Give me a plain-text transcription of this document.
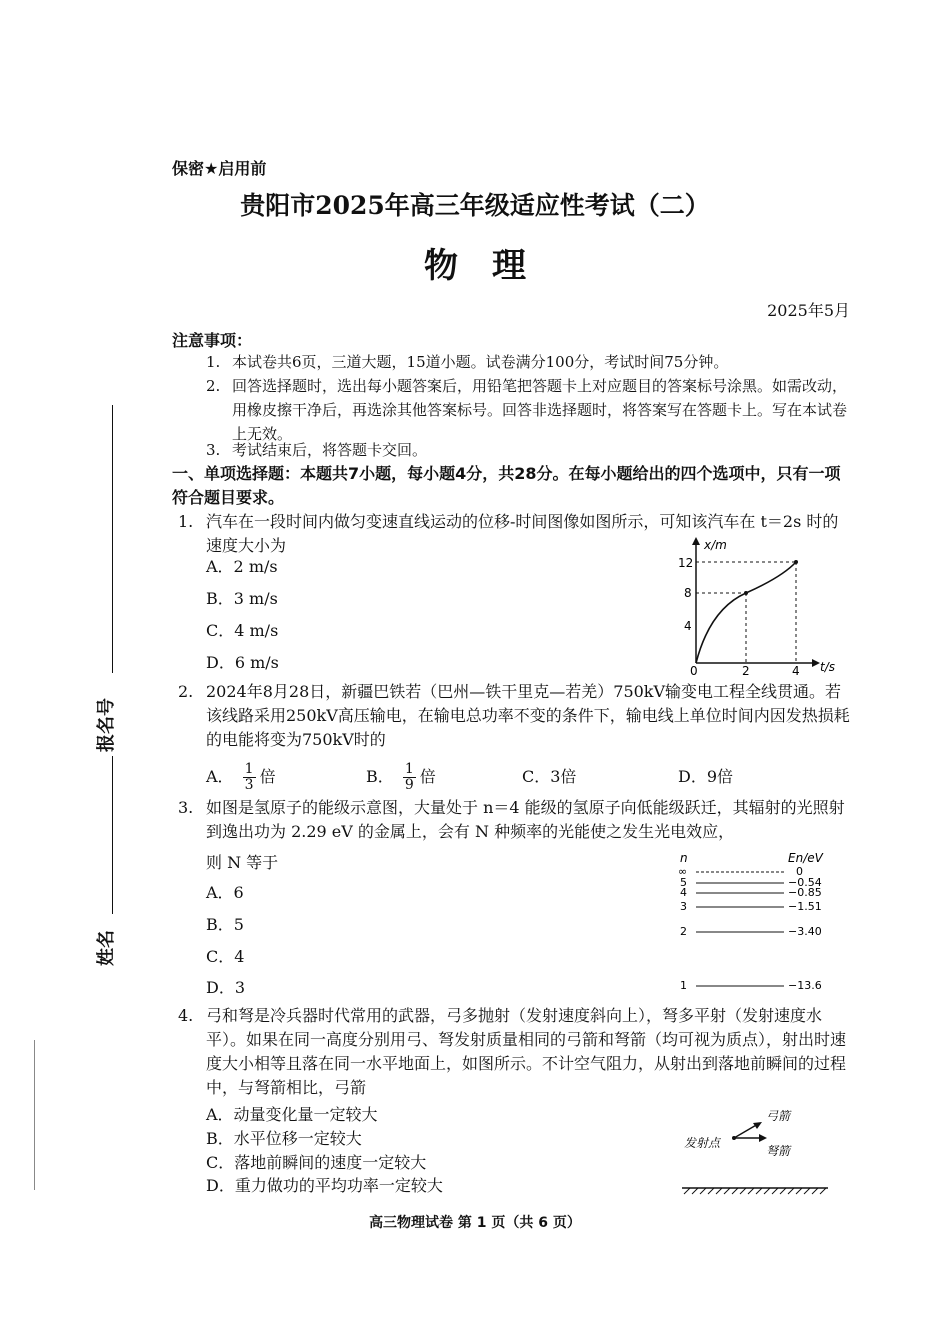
保密★启用前
贵阳市2025年高三年级适应性考试（二）
物理
2025年5月
注意事项：
1. 本试卷共6页，三道大题，15道小题。试卷满分100分，考试时间75分钟。
2. 回答选择题时，选出每小题答案后，用铅笔把答题卡上对应题目的答案标号涂黑。如需改动，用橡皮擦干净后，再选涂其他答案标号。回答非选择题时，将答案写在答题卡上。写在本试卷上无效。
3. 考试结束后，将答题卡交回。
一、单项选择题：本题共7小题，每小题4分，共28分。在每小题给出的四个选项中，只有一项符合题目要求。
1. 汽车在一段时间内做匀变速直线运动的位移-时间图像如图所示，可知该汽车在 t＝2s 时的速度大小为
A．2 m/s
B．3 m/s
C．4 m/s
D．6 m/s
x/m
t/s
0
12
8
4
2	4
2. 2024年8月28日，新疆巴铁若（巴州—铁干里克—若羌）750kV输变电工程全线贯通。若该线路采用250kV高压输电，在输电总功率不变的条件下，输电线上单位时间内因发热损耗的电能将变为750kV时的
A． $\frac{1}{3}$ 倍	B． $\frac{1}{9}$ 倍	C．3倍	D．9倍
3. 如图是氢原子的能级示意图，大量处于 n＝4 能级的氢原子向低能级跃迁，其辐射的光照射到逸出功为 2.29 eV 的金属上，会有 N 种频率的光能使之发生光电效应，
则 N 等于
A．6
B．5
C．4
D．3
n	En/eV
∞	0
5	−0.54
4	−0.85
3	−1.51
2	−3.40
1	−13.6
4. 弓和弩是冷兵器时代常用的武器，弓多抛射（发射速度斜向上），弩多平射（发射速度水平）。如果在同一高度分别用弓、弩发射质量相同的弓箭和弩箭（均可视为质点），射出时速度大小相等且落在同一水平地面上，如图所示。不计空气阻力，从射出到落地前瞬间的过程中，与弩箭相比，弓箭
A．动量变化量一定较大
B．水平位移一定较大
C．落地前瞬间的速度一定较大
D．重力做功的平均功率一定较大
发射点
弓箭
弩箭
高三物理试卷 第 1 页（共 6 页）
报名号
姓名
